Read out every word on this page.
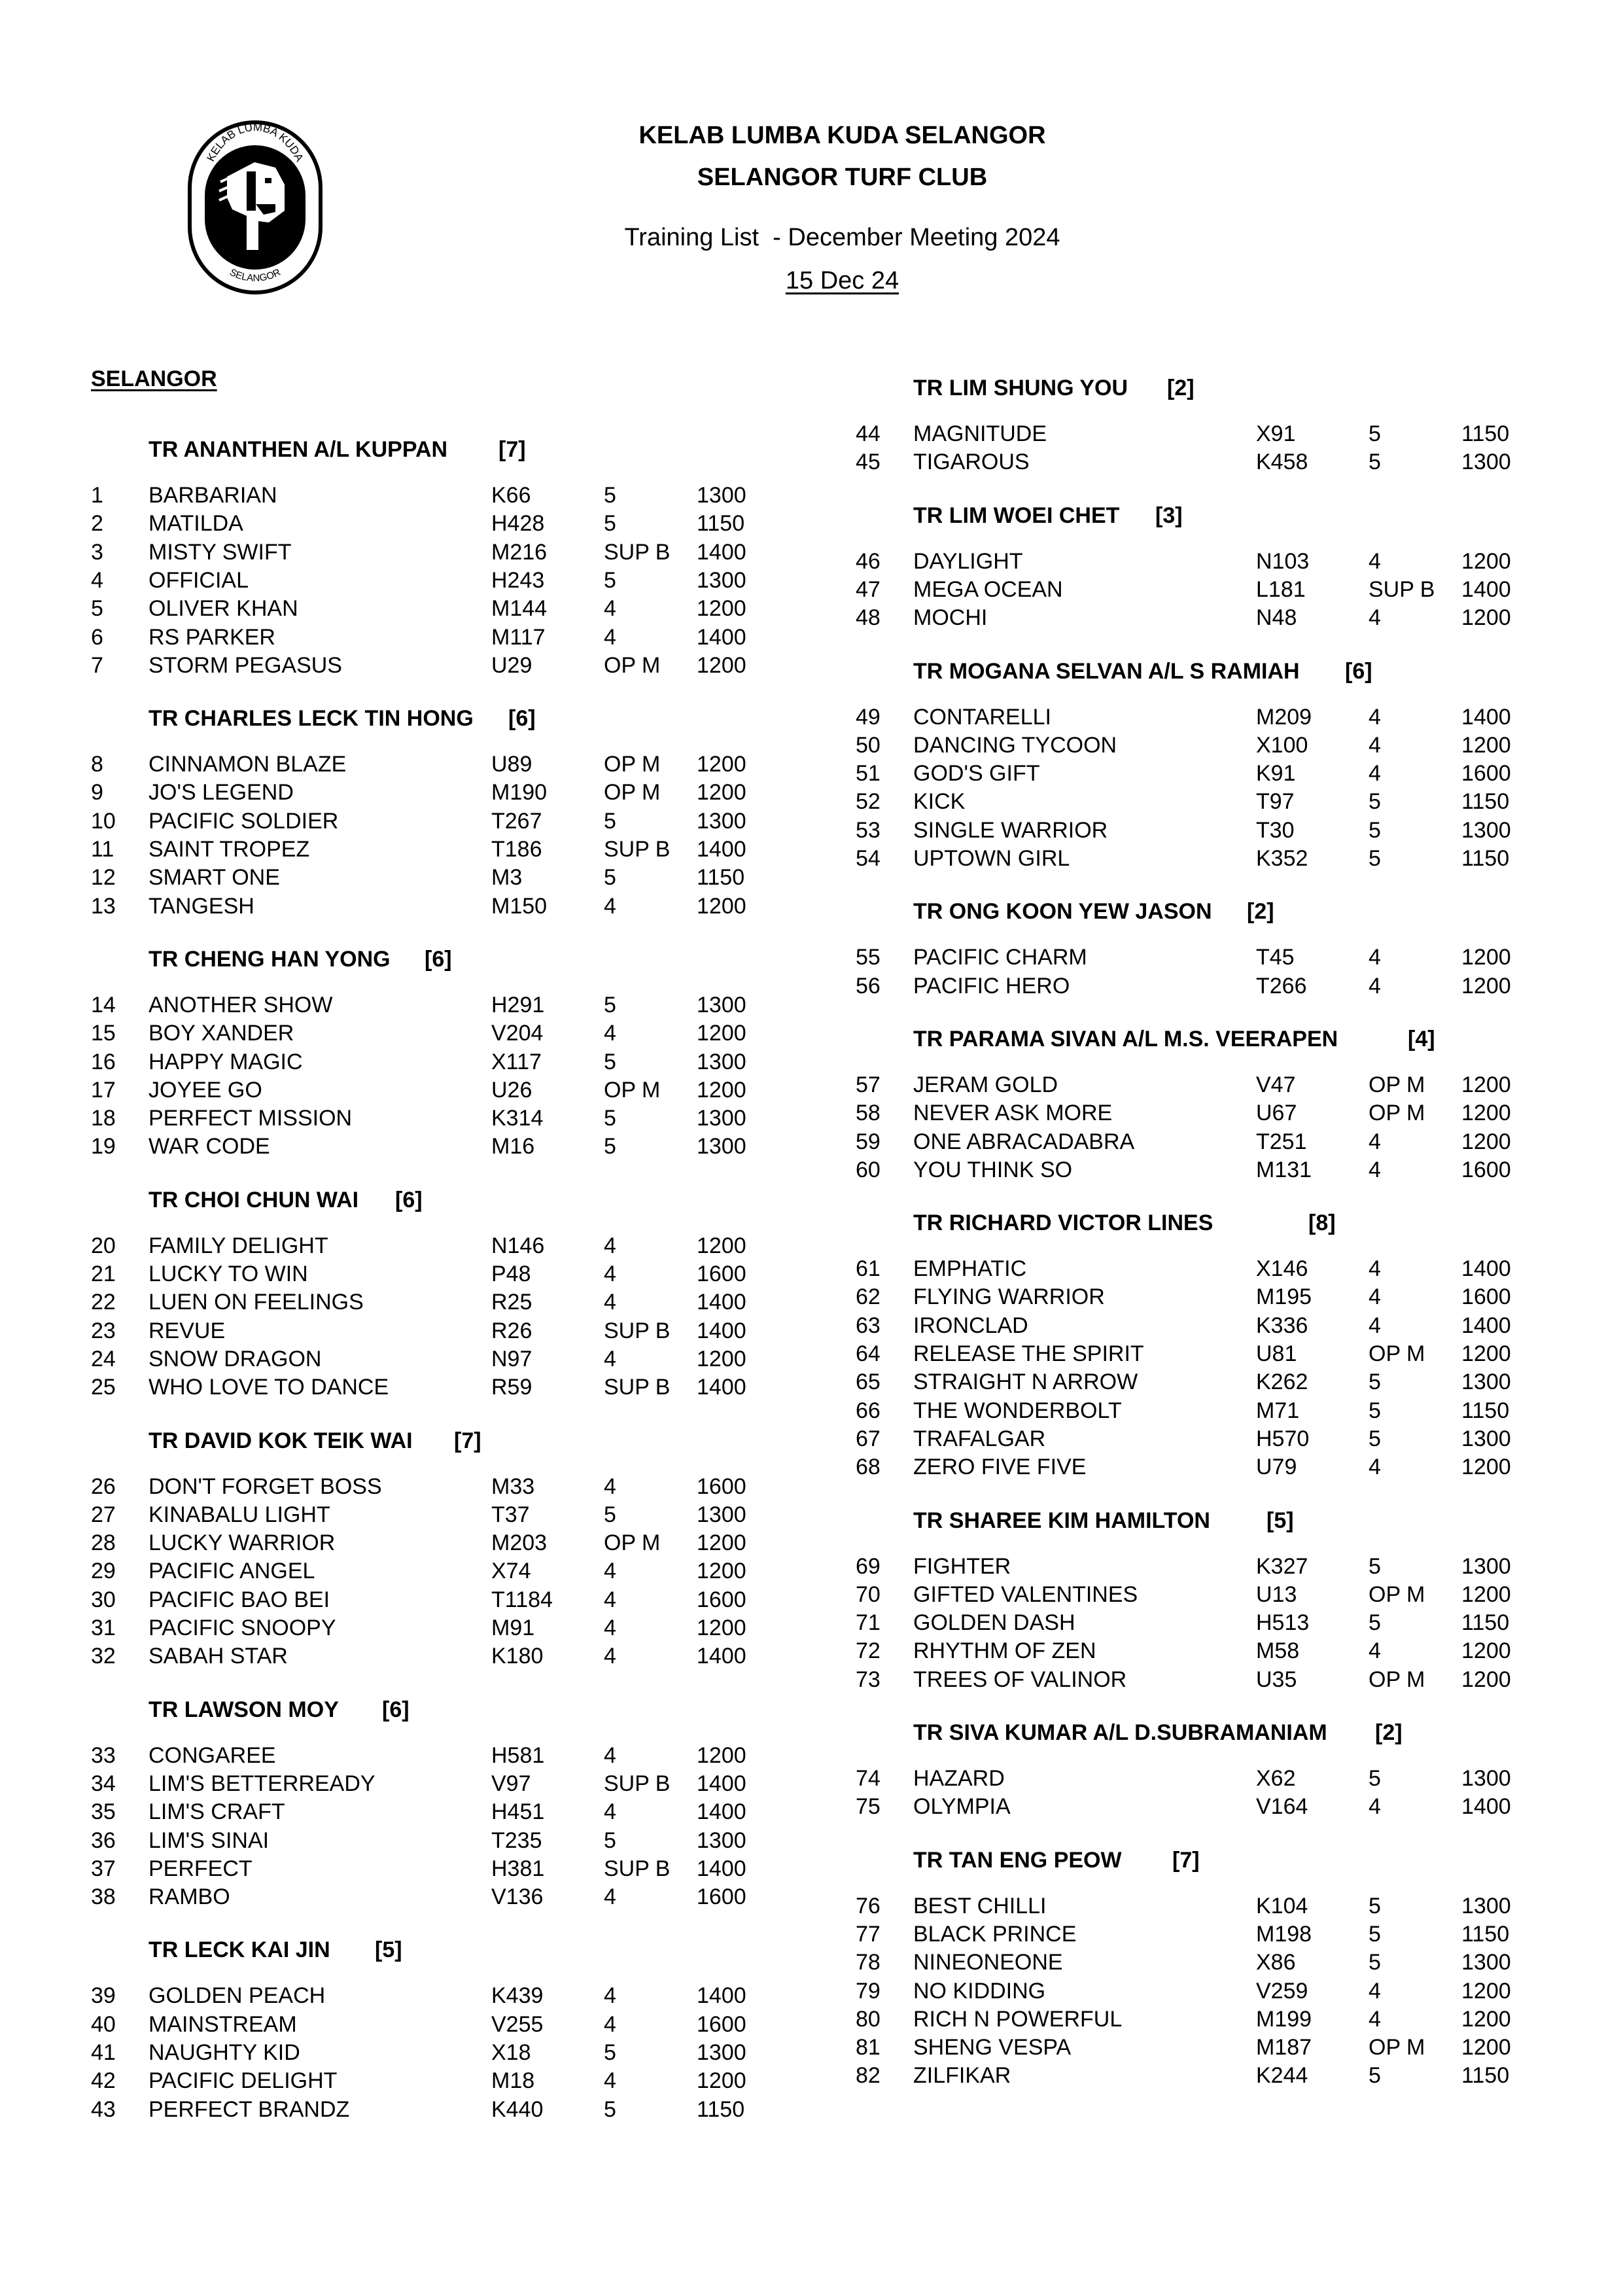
KELAB LUMBA KUDA
SELANGOR
KELAB LUMBA KUDA SELANGOR
SELANGOR TURF CLUB
Training List  - December Meeting 2024
15 Dec 24
SELANGOR
TR ANANTHEN A/L KUPPAN [7]
1 BARBARIAN	K66	5	1300
2 MATILDA	H428	5	1150
3 MISTY SWIFT	M216	SUP B 1400
4 OFFICIAL	H243	5	1300
5 OLIVER KHAN	M144	4	1200
6 RS PARKER	M117	4	1400
7 STORM PEGASUS	U29	OP M 1200
TR CHARLES LECK TIN HONG [6]
8 CINNAMON BLAZE	U89	OP M 1200
9 JO'S LEGEND	M190	OP M 1200
10 PACIFIC SOLDIER	T267	5	1300
11 SAINT TROPEZ	T186	SUP B 1400
12 SMART ONE	M3	5	1150
13 TANGESH	M150	4	1200
TR CHENG HAN YONG [6]
14 ANOTHER SHOW	H291	5	1300
15 BOY XANDER	V204	4	1200
16 HAPPY MAGIC	X117	5	1300
17 JOYEE GO	U26	OP M 1200
18 PERFECT MISSION	K314	5	1300
19 WAR CODE	M16	5	1300
TR CHOI CHUN WAI [6]
20 FAMILY DELIGHT	N146	4	1200
21 LUCKY TO WIN	P48	4	1600
22 LUEN ON FEELINGS	R25	4	1400
23 REVUE	R26	SUP B 1400
24 SNOW DRAGON	N97	4	1200
25 WHO LOVE TO DANCE	R59	SUP B 1400
TR DAVID KOK TEIK WAI [7]
26 DON'T FORGET BOSS	M33	4	1600
27 KINABALU LIGHT	T37	5	1300
28 LUCKY WARRIOR	M203	OP M 1200
29 PACIFIC ANGEL	X74	4	1200
30 PACIFIC BAO BEI	T1184 4	1600
31 PACIFIC SNOOPY	M91	4	1200
32 SABAH STAR	K180	4	1400
TR LAWSON MOY [6]
33 CONGAREE	H581	4	1200
34 LIM'S BETTERREADY	V97	SUP B 1400
35 LIM'S CRAFT	H451	4	1400
36 LIM'S SINAI	T235	5	1300
37 PERFECT	H381	SUP B 1400
38 RAMBO	V136	4	1600
TR LECK KAI JIN [5]
39 GOLDEN PEACH	K439	4	1400
40 MAINSTREAM	V255	4	1600
41 NAUGHTY KID	X18	5	1300
42 PACIFIC DELIGHT	M18	4	1200
43 PERFECT BRANDZ	K440	5	1150
TR LIM SHUNG YOU [2]
44 MAGNITUDE	X91	5	1150
45 TIGAROUS	K458	5	1300
TR LIM WOEI CHET [3]
46 DAYLIGHT	N103	4	1200
47 MEGA OCEAN	L181	SUP B 1400
48 MOCHI	N48	4	1200
TR MOGANA SELVAN A/L S RAMIAH [6]
49 CONTARELLI	M209	4	1400
50 DANCING TYCOON	X100	4	1200
51 GOD'S GIFT	K91	4	1600
52 KICK	T97	5	1150
53 SINGLE WARRIOR	T30	5	1300
54 UPTOWN GIRL	K352	5	1150
TR ONG KOON YEW JASON [2]
55 PACIFIC CHARM	T45	4	1200
56 PACIFIC HERO	T266	4	1200
TR PARAMA SIVAN A/L M.S. VEERAPEN	[4]
57 JERAM GOLD	V47	OP M 1200
58 NEVER ASK MORE	U67	OP M 1200
59 ONE ABRACADABRA	T251	4	1200
60 YOU THINK SO	M131	4	1600
TR RICHARD VICTOR LINES	[8]
61 EMPHATIC	X146	4	1400
62 FLYING WARRIOR	M195	4	1600
63 IRONCLAD	K336	4	1400
64 RELEASE THE SPIRIT	U81	OP M 1200
65 STRAIGHT N ARROW	K262	5	1300
66 THE WONDERBOLT	M71	5	1150
67 TRAFALGAR	H570	5	1300
68 ZERO FIVE FIVE	U79	4	1200
TR SHAREE KIM HAMILTON	[5]
69 FIGHTER	K327	5	1300
70 GIFTED VALENTINES	U13	OP M 1200
71 GOLDEN DASH	H513	5	1150
72 RHYTHM OF ZEN	M58	4	1200
73 TREES OF VALINOR	U35	OP M 1200
TR SIVA KUMAR A/L D.SUBRAMANIAM [2]
74 HAZARD	X62	5	1300
75 OLYMPIA	V164	4	1400
TR TAN ENG PEOW [7]
76 BEST CHILLI	K104	5	1300
77 BLACK PRINCE	M198	5	1150
78 NINEONEONE	X86	5	1300
79 NO KIDDING	V259	4	1200
80 RICH N POWERFUL	M199	4	1200
81 SHENG VESPA	M187	OP M 1200
82 ZILFIKAR	K244	5	1150
